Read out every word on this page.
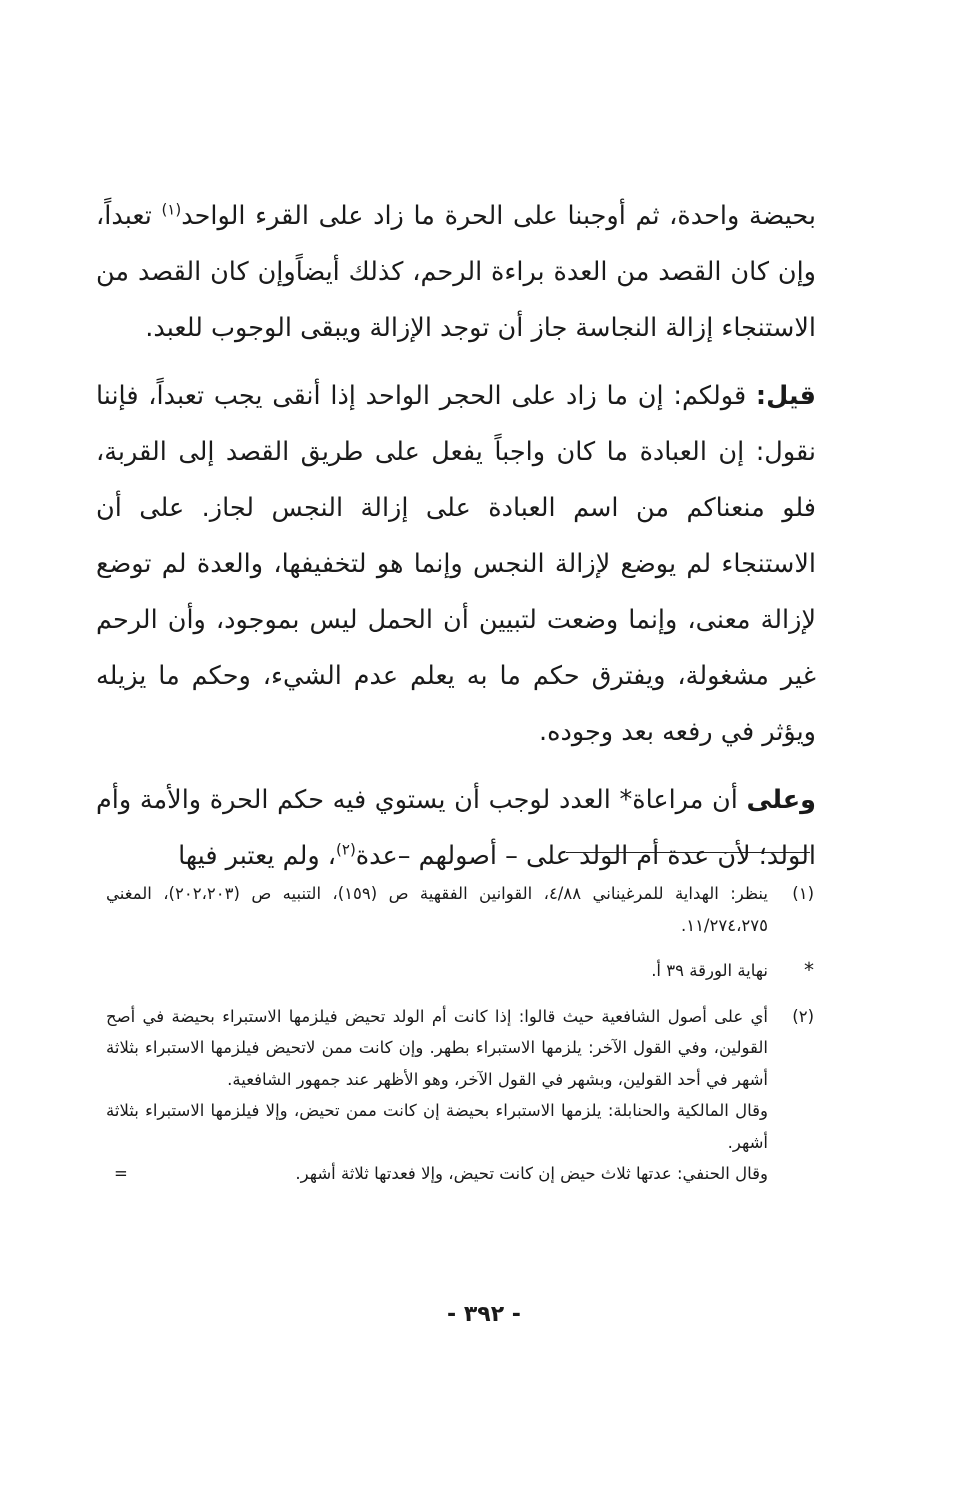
بحيضة واحدة، ثم أوجبنا على الحرة ما زاد على القرء الواحد$^{(١)}$ تعبداً، وإن كان القصد من العدة براءة الرحم، كذلك أيضاًوإن كان القصد من الاستنجاء إزالة النجاسة جاز أن توجد الإزالة ويبقى الوجوب للعبد.

قيل: قولكم: إن ما زاد على الحجر الواحد إذا أنقى يجب تعبداً، فإننا نقول: إن العبادة ما كان واجباً يفعل على طريق القصد إلى القربة، فلو منعناكم من اسم العبادة على إزالة النجس لجاز. على أن الاستنجاء لم يوضع لإزالة النجس وإنما هو لتخفيفها، والعدة لم توضع لإزالة معنى، وإنما وضعت لتبيين أن الحمل ليس بموجود، وأن الرحم غير مشغولة، ويفترق حكم ما به يعلم عدم الشيء، وحكم ما يزيله ويؤثر في رفعه بعد وجوده.

وعلى أن مراعاة* العدد لوجب أن يستوي فيه حكم الحرة والأمة وأم الولد؛ لأن عدة أم الولد على – أصولهم –عدة$^{(٢)}$، ولم يعتبر فيها

(١)
ينظر: الهداية للمرغيناني ٤/٨٨، القوانين الفقهية ص (١٥٩)، التنبيه ص (٢٠٢،٢٠٣)، المغني ١١/٢٧٤،٢٧٥.
*
نهاية الورقة ٣٩ أ.
(٢)
أي على أصول الشافعية حيث قالوا: إذا كانت أم الولد تحيض فيلزمها الاستبراء بحيضة في أصح القولين، وفي القول الآخر: يلزمها الاستبراء بطهر. وإن كانت ممن لاتحيض فيلزمها الاستبراء بثلاثة أشهر في أحد القولين، وبشهر في القول الآخر، وهو الأظهر عند جمهور الشافعية.
وقال المالكية والحنابلة: يلزمها الاستبراء بحيضة إن كانت ممن تحيض، وإلا فيلزمها الاستبراء بثلاثة أشهر.
وقال الحنفي: عدتها ثلاث حيض إن كانت تحيض، وإلا فعدتها ثلاثة أشهر.
=
- ٣٩٢ -
